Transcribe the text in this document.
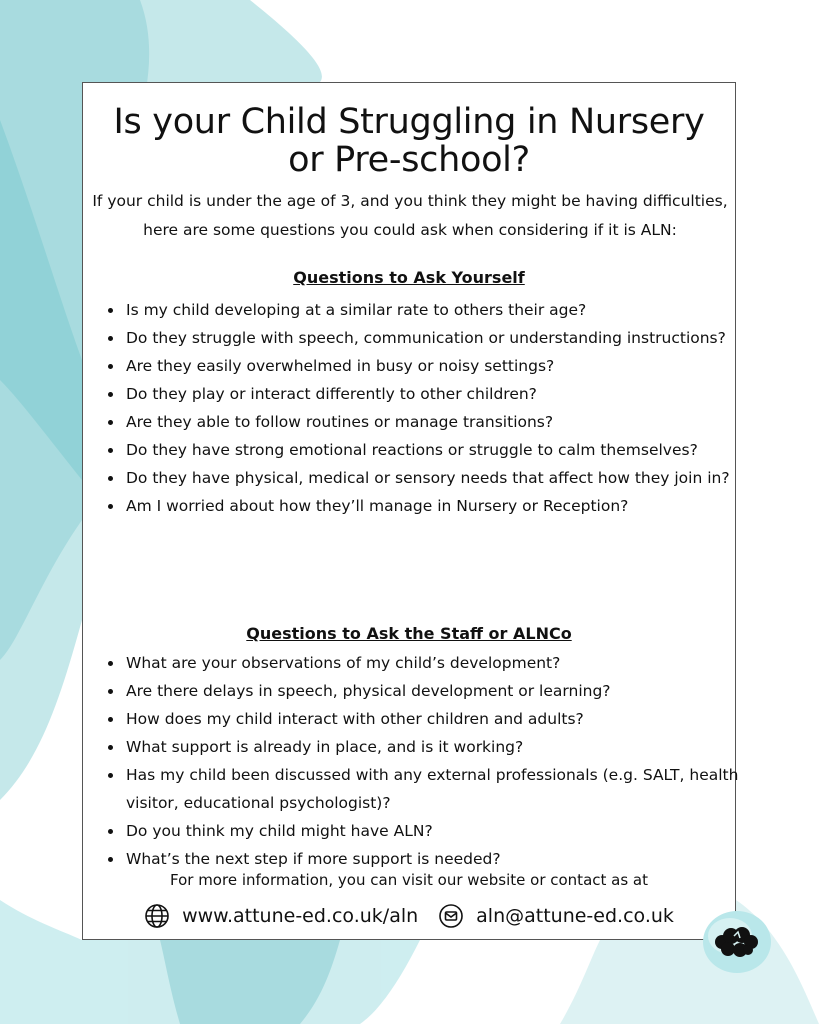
Is your Child Struggling in Nursery
or Pre-school?

If your child is under the age of 3, and you think they might be having difficulties, here are some questions you could ask when considering if it is ALN:

Questions to Ask Yourself

• Is my child developing at a similar rate to others their age?
• Do they struggle with speech, communication or understanding instructions?
• Are they easily overwhelmed in busy or noisy settings?
• Do they play or interact differently to other children?
• Are they able to follow routines or manage transitions?
• Do they have strong emotional reactions or struggle to calm themselves?
• Do they have physical, medical or sensory needs that affect how they join in?
• Am I worried about how they’ll manage in Nursery or Reception?

Questions to Ask the Staff or ALNCo

• What are your observations of my child’s development?
• Are there delays in speech, physical development or learning?
• How does my child interact with other children and adults?
• What support is already in place, and is it working?
• Has my child been discussed with any external professionals (e.g. SALT, health visitor, educational psychologist)?
• Do you think my child might have ALN?
• What’s the next step if more support is needed?

For more information, you can visit our website or contact as at

www.attune-ed.co.uk/aln	aln@attune-ed.co.uk
